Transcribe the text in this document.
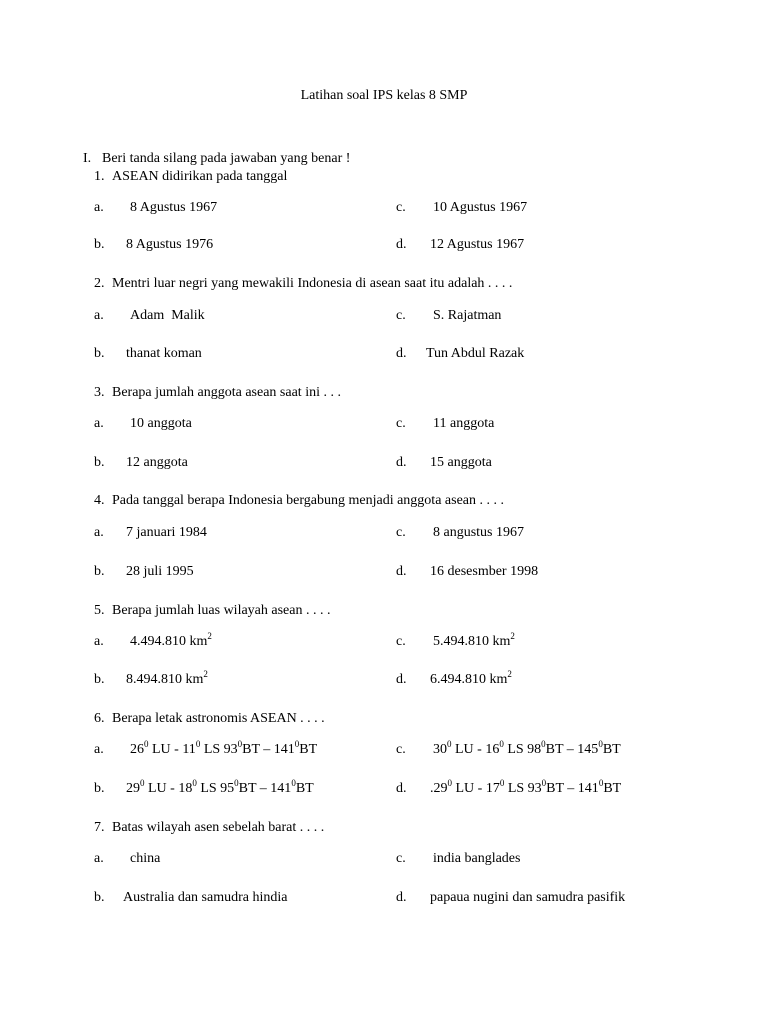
Latihan soal IPS kelas 8 SMP
I. Beri tanda silang pada jawaban yang benar !
1. ASEAN didirikan pada tanggal
a. 8 Agustus 1967	c. 10 Agustus 1967
b. 8 Agustus 1976	d. 12 Agustus 1967
2. Mentri luar negri yang mewakili Indonesia di asean saat itu adalah . . . .
a. Adam  Malik	c. S. Rajatman
b. thanat koman	d. Tun Abdul Razak
3. Berapa jumlah anggota asean saat ini . . .
a. 10 anggota	c. 11 anggota
b. 12 anggota	d. 15 anggota
4. Pada tanggal berapa Indonesia bergabung menjadi anggota asean . . . .
a. 7 januari 1984	c. 8 angustus 1967
b. 28 juli 1995	d. 16 desesmber 1998
5. Berapa jumlah luas wilayah asean . . . .
a. 4.494.810 $km^2$	c. 5.494.810 $km^2$
b. 8.494.810 $km^2$	d. 6.494.810 $km^2$
6. Berapa letak astronomis ASEAN . . . .
a. $26^0$ LU - $11^0$ LS $93^0BT - 141^0BT$	c. $30^0$ LU - $16^0$ LS $98^0BT - 145^0BT$
b. $29^0$ LU - $18^0$ LS $95^0BT - 141^0BT$	d. $.29^0$ LU - $17^0$ LS $93^0BT - 141^0BT$
7. Batas wilayah asen sebelah barat . . . .
a. china	c. india banglades
b. Australia dan samudra hindia	d. papaua nugini dan samudra pasifik
